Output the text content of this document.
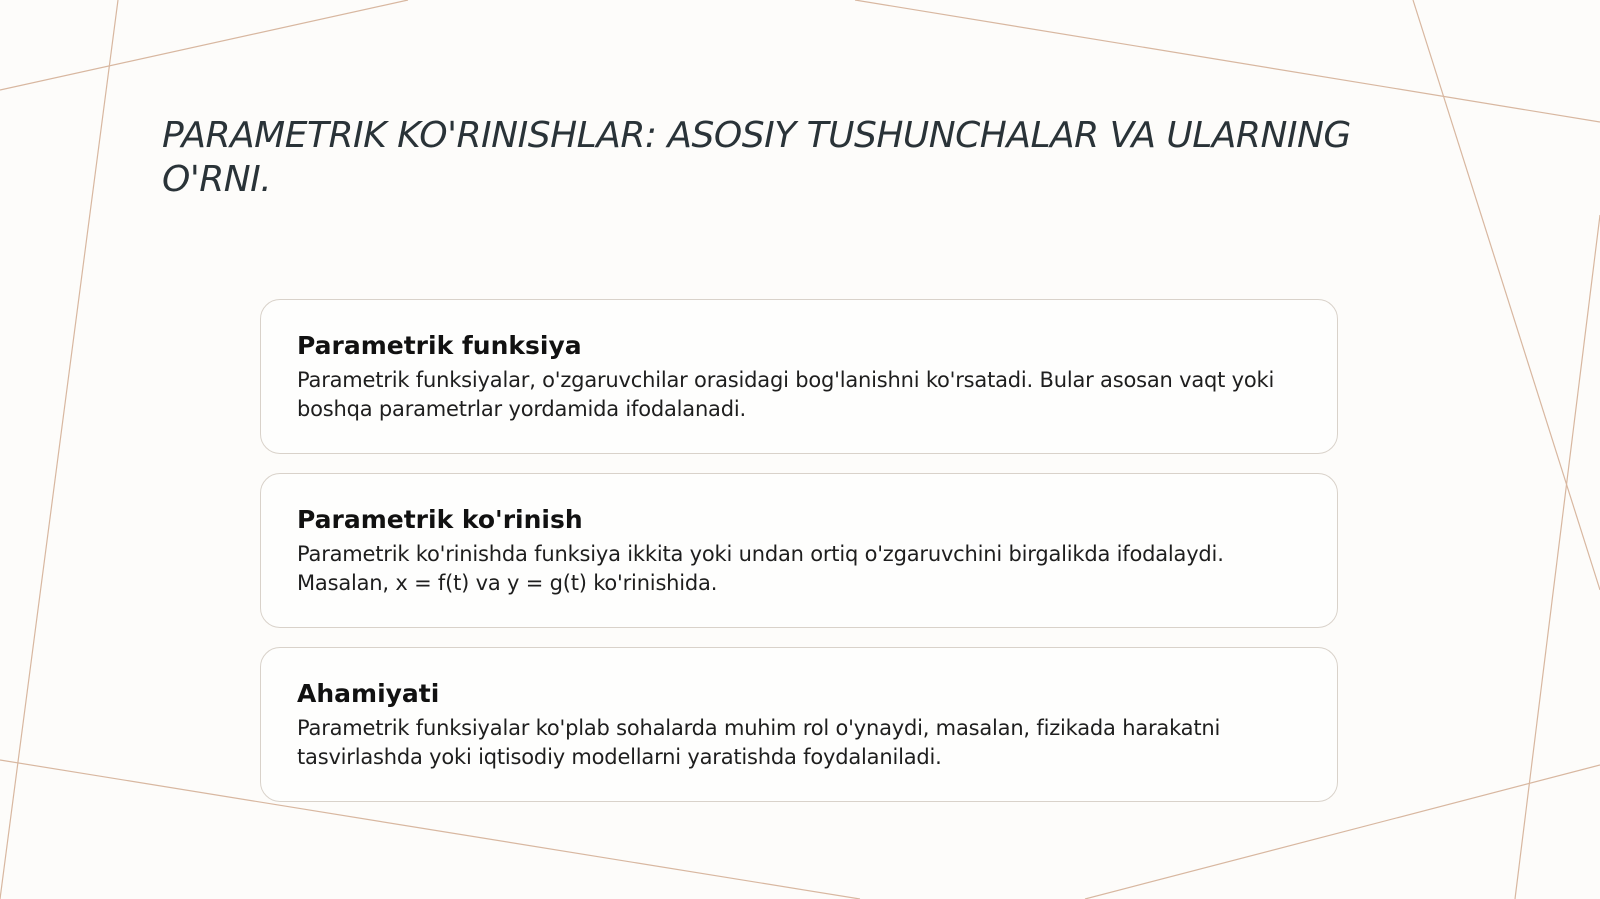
PARAMETRIK KO'RINISHLAR: ASOSIY TUSHUNCHALAR VA ULARNING O'RNI.
Parametrik funksiya

Parametrik funksiyalar, o'zgaruvchilar orasidagi bog'lanishni ko'rsatadi. Bular asosan vaqt yoki boshqa parametrlar yordamida ifodalanadi.

Parametrik ko'rinish

Parametrik ko'rinishda funksiya ikkita yoki undan ortiq o'zgaruvchini birgalikda ifodalaydi. Masalan, x = f(t) va y = g(t) ko'rinishida.

Ahamiyati

Parametrik funksiyalar ko'plab sohalarda muhim rol o'ynaydi, masalan, fizikada harakatni tasvirlashda yoki iqtisodiy modellarni yaratishda foydalaniladi.
